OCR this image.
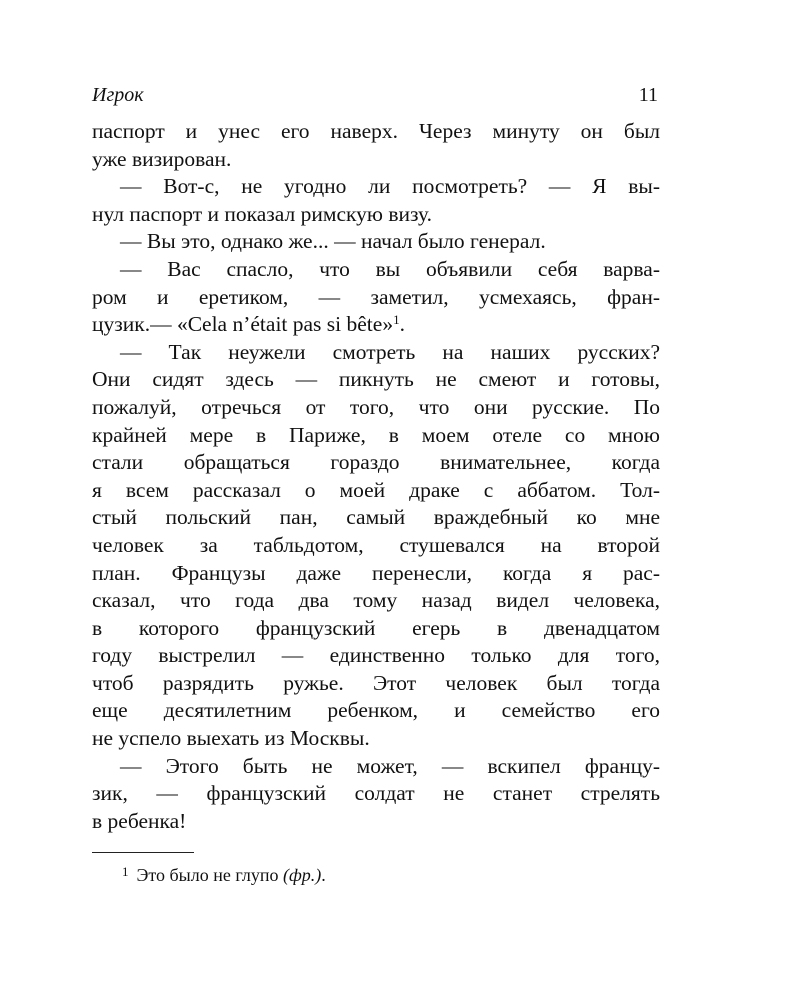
Игрок	11
паспорт и унес его наверх. Через минуту он был
уже визирован.
— Вот-с, не угодно ли посмотреть? — Я вы-
нул паспорт и показал римскую визу.
— Вы это, однако же... — начал было генерал.
— Вас спасло, что вы объявили себя варва-
ром и еретиком, — заметил, усмехаясь, фран-
цузик.— «Cela n’était pas si bête»$^1$.
— Так неужели смотреть на наших русских?
Они сидят здесь — пикнуть не смеют и готовы,
пожалуй, отречься от того, что они русские. По
крайней мере в Париже, в моем отеле со мною
стали обращаться гораздо внимательнее, когда
я всем рассказал о моей драке с аббатом. Тол-
стый польский пан, самый враждебный ко мне
человек за табльдотом, стушевался на второй
план. Французы даже перенесли, когда я рас-
сказал, что года два тому назад видел человека,
в которого французский егерь в двенадцатом
году выстрелил — единственно только для того,
чтоб разрядить ружье. Этот человек был тогда
еще десятилетним ребенком, и семейство его
не успело выехать из Москвы.
— Этого быть не может, — вскипел францу-
зик, — французский солдат не станет стрелять
в ребенка!
$^1$ Это было не глупо (фр.).
